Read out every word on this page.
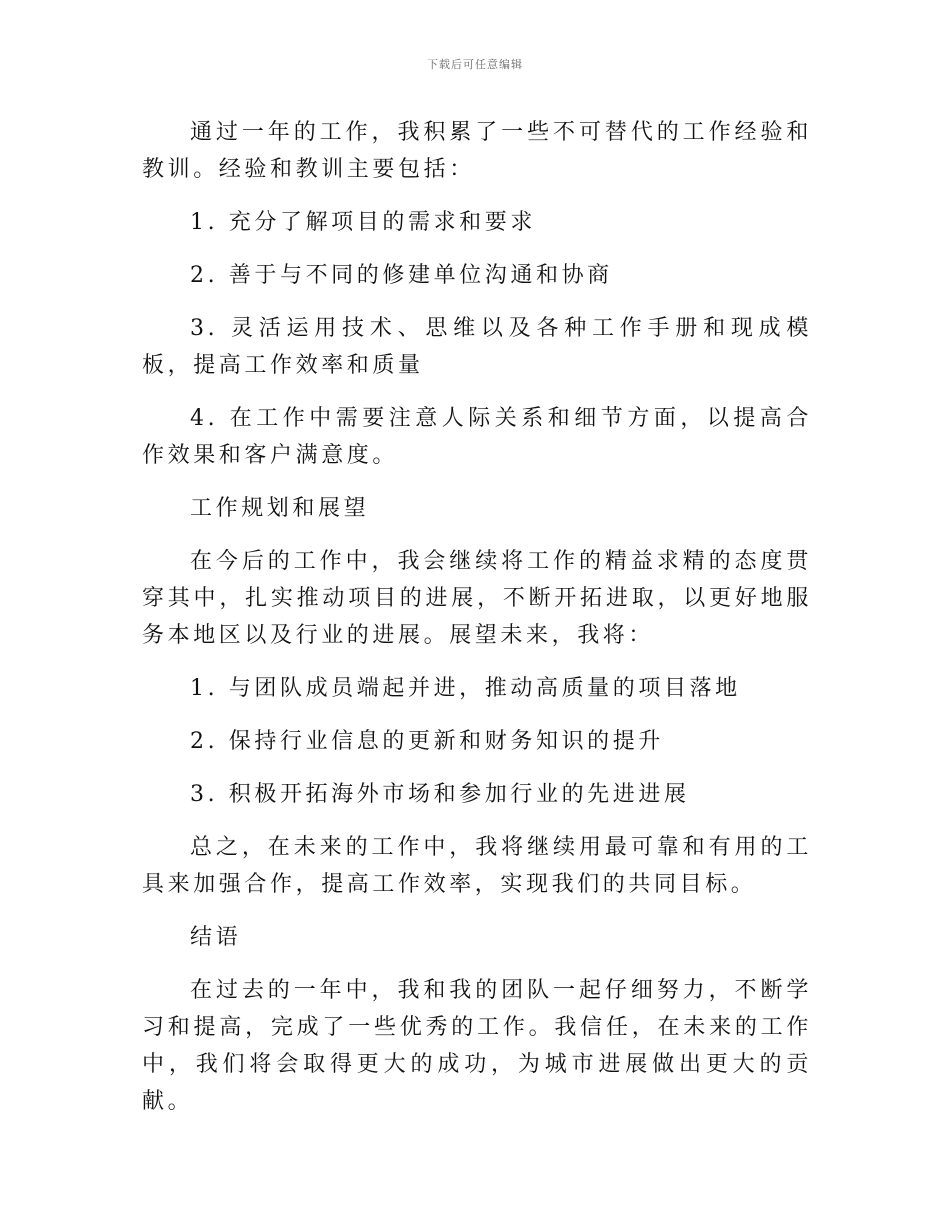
下载后可任意编辑

通过一年的工作，我积累了一些不可替代的工作经验和教训。经验和教训主要包括：

1. 充分了解项目的需求和要求

2. 善于与不同的修建单位沟通和协商

3. 灵活运用技术、思维以及各种工作手册和现成模板，提高工作效率和质量

4. 在工作中需要注意人际关系和细节方面，以提高合作效果和客户满意度。

工作规划和展望

在今后的工作中，我会继续将工作的精益求精的态度贯穿其中，扎实推动项目的进展，不断开拓进取，以更好地服务本地区以及行业的进展。展望未来，我将：

1. 与团队成员端起并进，推动高质量的项目落地

2. 保持行业信息的更新和财务知识的提升

3. 积极开拓海外市场和参加行业的先进进展

总之，在未来的工作中，我将继续用最可靠和有用的工具来加强合作，提高工作效率，实现我们的共同目标。

结语

在过去的一年中，我和我的团队一起仔细努力，不断学习和提高，完成了一些优秀的工作。我信任，在未来的工作中，我们将会取得更大的成功，为城市进展做出更大的贡献。
